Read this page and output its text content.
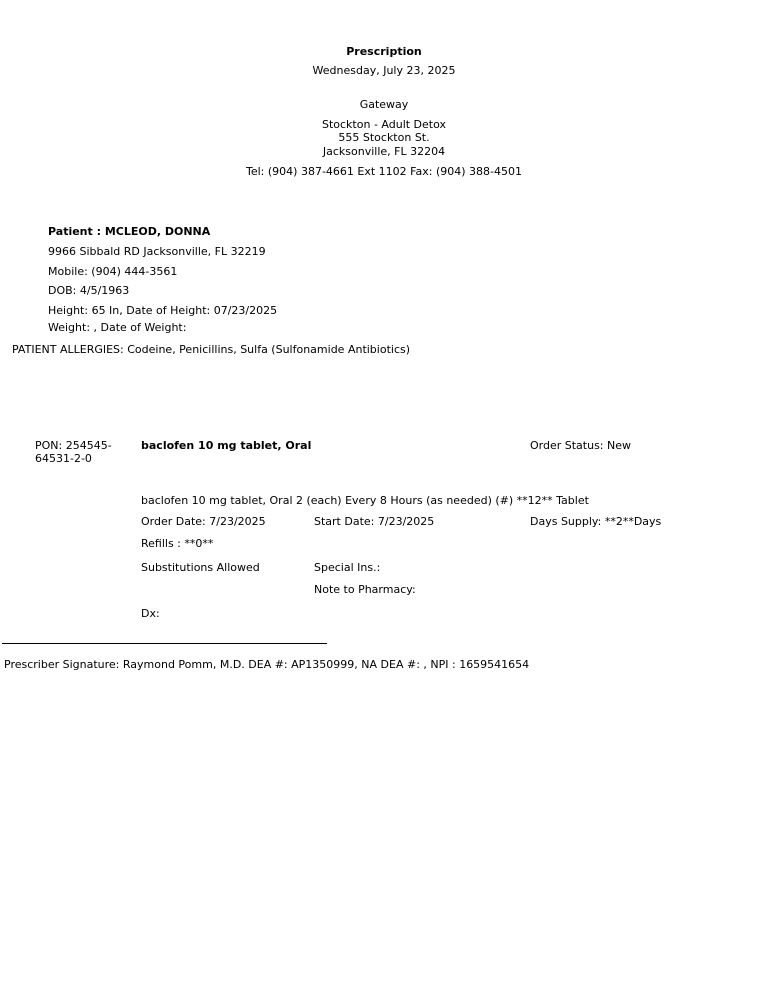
Prescription
Wednesday, July 23, 2025
Gateway
Stockton - Adult Detox
555 Stockton St.
Jacksonville, FL 32204
Tel: (904) 387-4661 Ext 1102 Fax: (904) 388-4501
Patient : MCLEOD, DONNA
9966 Sibbald RD Jacksonville, FL 32219
Mobile: (904) 444-3561
DOB: 4/5/1963
Height: 65 In, Date of Height: 07/23/2025
Weight: , Date of Weight:
PATIENT ALLERGIES: Codeine, Penicillins, Sulfa (Sulfonamide Antibiotics)
PON: 254545-
64531-2-0
baclofen 10 mg tablet, Oral	Order Status: New
baclofen 10 mg tablet, Oral 2 (each) Every 8 Hours (as needed) (#) **12** Tablet
Order Date: 7/23/2025	Start Date: 7/23/2025	Days Supply: **2**Days
Refills : **0**
Substitutions Allowed	Special Ins.:
Note to Pharmacy:
Dx:
Prescriber Signature: Raymond Pomm, M.D. DEA #: AP1350999, NA DEA #: , NPI : 1659541654
